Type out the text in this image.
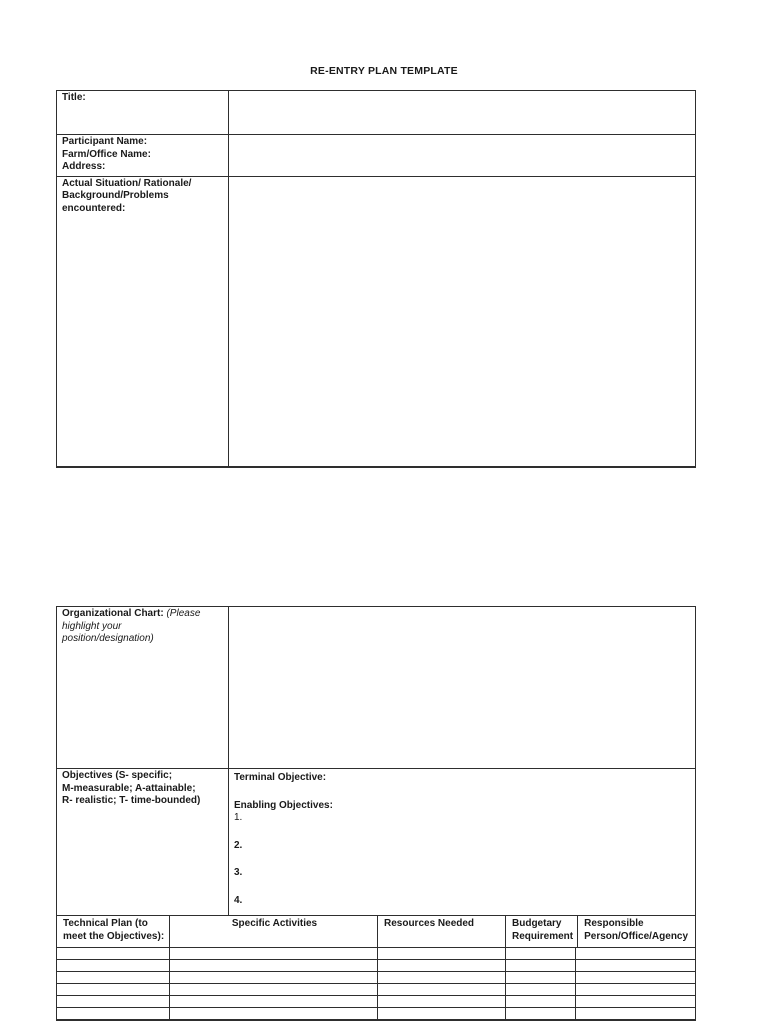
RE-ENTRY PLAN TEMPLATE
Title:
Participant Name:
Farm/Office Name:
Address:
Actual Situation/ Rationale/
Background/Problems
encountered:
Organizational Chart: (Please
highlight your
position/designation)
Objectives (S- specific;
M-measurable; A-attainable;
R- realistic; T- time-bounded)
Terminal Objective:
Enabling Objectives:
1.
2.
3.
4.
Technical Plan (to
meet the Objectives):
Specific Activities	Resources Needed	Budgetary Requirement
Responsible Person/Office/Agency
